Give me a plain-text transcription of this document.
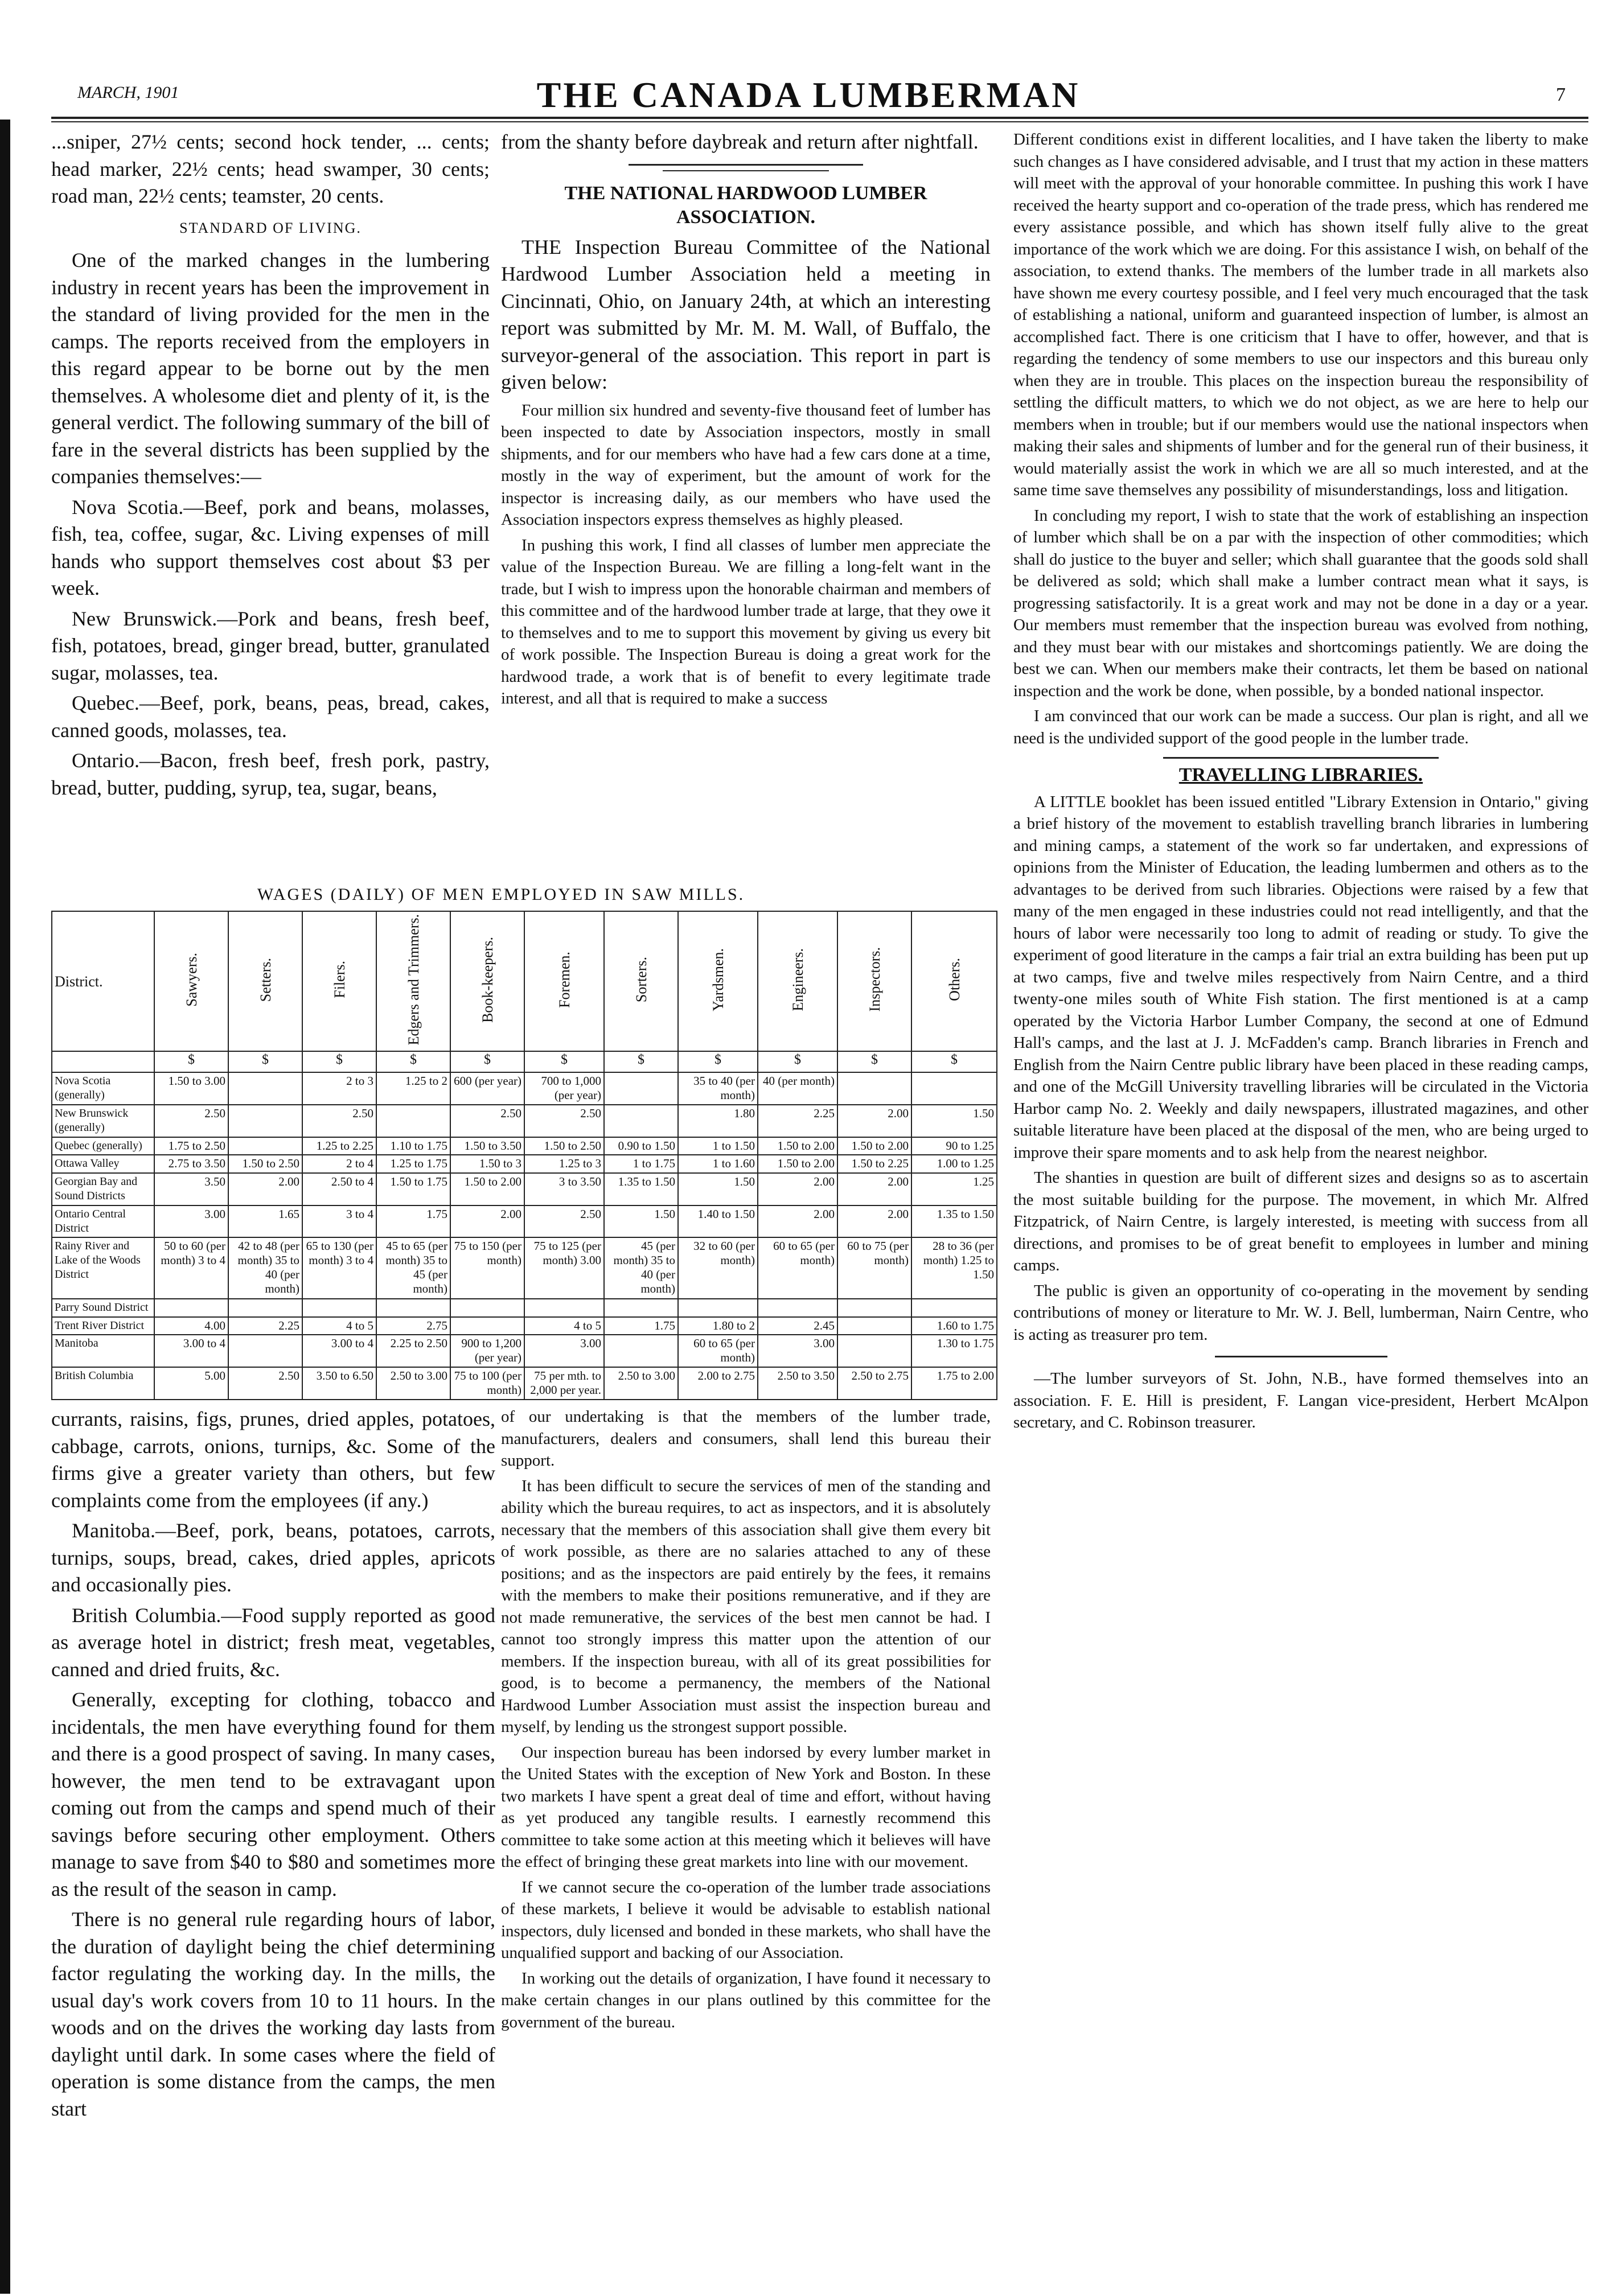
MARCH, 1901	THE CANADA LUMBERMAN	7

...sniper, 27½ cents; second hock tender, ... cents; head marker, 22½ cents; head swamper, 30 cents; road man, 22½ cents; teamster, 20 cents.

STANDARD OF LIVING.

One of the marked changes in the lumbering industry in recent years has been the improvement in the standard of living provided for the men in the camps. The reports received from the employers in this regard appear to be borne out by the men themselves. A wholesome diet and plenty of it, is the general verdict. The following summary of the bill of fare in the several districts has been supplied by the companies themselves:—

Nova Scotia.—Beef, pork and beans, molasses, fish, tea, coffee, sugar, &c. Living expenses of mill hands who support themselves cost about $3 per week.

New Brunswick.—Pork and beans, fresh beef, fish, potatoes, bread, ginger bread, butter, granulated sugar, molasses, tea.

Quebec.—Beef, pork, beans, peas, bread, cakes, canned goods, molasses, tea.

Ontario.—Bacon, fresh beef, fresh pork, pastry, bread, butter, pudding, syrup, tea, sugar, beans,

from the shanty before daybreak and return after nightfall.

THE NATIONAL HARDWOOD LUMBER ASSOCIATION.

THE Inspection Bureau Committee of the National Hardwood Lumber Association held a meeting in Cincinnati, Ohio, on January 24th, at which an interesting report was submitted by Mr. M. M. Wall, of Buffalo, the surveyor-general of the association. This report in part is given below:

Four million six hundred and seventy-five thousand feet of lumber has been inspected to date by Association inspectors, mostly in small shipments, and for our members who have had a few cars done at a time, mostly in the way of experiment, but the amount of work for the inspector is increasing daily, as our members who have used the Association inspectors express themselves as highly pleased.

In pushing this work, I find all classes of lumber men appreciate the value of the Inspection Bureau. We are filling a long-felt want in the trade, but I wish to impress upon the honorable chairman and members of this committee and of the hardwood lumber trade at large, that they owe it to themselves and to me to support this movement by giving us every bit of work possible. The Inspection Bureau is doing a great work for the hardwood trade, a work that is of benefit to every legitimate trade interest, and all that is required to make a success

Different conditions exist in different localities, and I have taken the liberty to make such changes as I have considered advisable, and I trust that my action in these matters will meet with the approval of your honorable committee. In pushing this work I have received the hearty support and co-operation of the trade press, which has rendered me every assistance possible, and which has shown itself fully alive to the great importance of the work which we are doing. For this assistance I wish, on behalf of the association, to extend thanks. The members of the lumber trade in all markets also have shown me every courtesy possible, and I feel very much encouraged that the task of establishing a national, uniform and guaranteed inspection of lumber, is almost an accomplished fact. There is one criticism that I have to offer, however, and that is regarding the tendency of some members to use our inspectors and this bureau only when they are in trouble. This places on the inspection bureau the responsibility of settling the difficult matters, to which we do not object, as we are here to help our members when in trouble; but if our members would use the national inspectors when making their sales and shipments of lumber and for the general run of their business, it would materially assist the work in which we are all so much interested, and at the same time save themselves any possibility of misunderstandings, loss and litigation.

In concluding my report, I wish to state that the work of establishing an inspection of lumber which shall be on a par with the inspection of other commodities; which shall do justice to the buyer and seller; which shall guarantee that the goods sold shall be delivered as sold; which shall make a lumber contract mean what it says, is progressing satisfactorily. It is a great work and may not be done in a day or a year. Our members must remember that the inspection bureau was evolved from nothing, and they must bear with our mistakes and shortcomings patiently. We are doing the best we can. When our members make their contracts, let them be based on national inspection and the work be done, when possible, by a bonded national inspector.

I am convinced that our work can be made a success. Our plan is right, and all we need is the undivided support of the good people in the lumber trade.

TRAVELLING LIBRARIES.

A LITTLE booklet has been issued entitled "Library Extension in Ontario," giving a brief history of the movement to establish travelling branch libraries in lumbering and mining camps, a statement of the work so far undertaken, and expressions of opinions from the Minister of Education, the leading lumbermen and others as to the advantages to be derived from such libraries. Objections were raised by a few that many of the men engaged in these industries could not read intelligently, and that the hours of labor were necessarily too long to admit of reading or study. To give the experiment of good literature in the camps a fair trial an extra building has been put up at two camps, five and twelve miles respectively from Nairn Centre, and a third twenty-one miles south of White Fish station. The first mentioned is at a camp operated by the Victoria Harbor Lumber Company, the second at one of Edmund Hall's camps, and the last at J. J. McFadden's camp. Branch libraries in French and English from the Nairn Centre public library have been placed in these reading camps, and one of the McGill University travelling libraries will be circulated in the Victoria Harbor camp No. 2. Weekly and daily newspapers, illustrated magazines, and other suitable literature have been placed at the disposal of the men, who are being urged to improve their spare moments and to ask help from the nearest neighbor.

The shanties in question are built of different sizes and designs so as to ascertain the most suitable building for the purpose. The movement, in which Mr. Alfred Fitzpatrick, of Nairn Centre, is largely interested, is meeting with success from all directions, and promises to be of great benefit to employees in lumber and mining camps.

The public is given an opportunity of co-operating in the movement by sending contributions of money or literature to Mr. W. J. Bell, lumberman, Nairn Centre, who is acting as treasurer pro tem.

—The lumber surveyors of St. John, N.B., have formed themselves into an association. F. E. Hill is president, F. Langan vice-president, Herbert McAlpon secretary, and C. Robinson treasurer.

WAGES (DAILY) OF MEN EMPLOYED IN SAW MILLS.
District.	Sawyers.	Setters.	Filers.	Edgers and Trimmers.	Book-keepers.	Foremen.	Sorters.	Yardsmen.	Engineers.	Inspectors.	Others.
	$	$	$	$	$	$	$	$	$	$	$
Nova Scotia (generally)	1.50 to 3.00		2 to 3	1.25 to 2	600 (per year)	700 to 1,000 (per year)		35 to 40 (per month)	40 (per month)		
New Brunswick (generally)	2.50		2.50		2.50	2.50		1.80	2.25	2.00	1.50
Quebec (generally)	1.75 to 2.50		1.25 to 2.25	1.10 to 1.75	1.50 to 3.50	1.50 to 2.50	0.90 to 1.50	1 to 1.50	1.50 to 2.00	1.50 to 2.00	90 to 1.25
Ottawa Valley	2.75 to 3.50	1.50 to 2.50	2 to 4	1.25 to 1.75	1.50 to 3	1.25 to 3	1 to 1.75	1 to 1.60	1.50 to 2.00	1.50 to 2.25	1.00 to 1.25
Georgian Bay and Sound Districts	3.50	2.00	2.50 to 4	1.50 to 1.75	1.50 to 2.00	3 to 3.50	1.35 to 1.50	1.50	2.00	2.00	1.25
Ontario Central District	3.00	1.65	3 to 4	1.75	2.00	2.50	1.50	1.40 to 1.50	2.00	2.00	1.35 to 1.50
Rainy River and Lake of the Woods District	50 to 60 (per month) 3 to 4	42 to 48 (per month) 35 to 40 (per month)	65 to 130 (per month) 3 to 4	45 to 65 (per month) 35 to 45 (per month)	75 to 150 (per month)	75 to 125 (per month) 3.00	45 (per month) 35 to 40 (per month)	32 to 60 (per month)	60 to 65 (per month)	60 to 75 (per month)	28 to 36 (per month) 1.25 to 1.50
Parry Sound District											
Trent River District	4.00	2.25	4 to 5	2.75		4 to 5	1.75	1.80 to 2	2.45		1.60 to 1.75
Manitoba	3.00 to 4		3.00 to 4	2.25 to 2.50	900 to 1,200 (per year)	3.00		60 to 65 (per month)	3.00		1.30 to 1.75
British Columbia	5.00	2.50	3.50 to 6.50	2.50 to 3.00	75 to 100 (per month)	75 per mth. to 2,000 per year.	2.50 to 3.00	2.00 to 2.75	2.50 to 3.50	2.50 to 2.75	1.75 to 2.00

currants, raisins, figs, prunes, dried apples, potatoes, cabbage, carrots, onions, turnips, &c. Some of the firms give a greater variety than others, but few complaints come from the employees (if any.)

Manitoba.—Beef, pork, beans, potatoes, carrots, turnips, soups, bread, cakes, dried apples, apricots and occasionally pies.

British Columbia.—Food supply reported as good as average hotel in district; fresh meat, vegetables, canned and dried fruits, &c.

Generally, excepting for clothing, tobacco and incidentals, the men have everything found for them and there is a good prospect of saving. In many cases, however, the men tend to be extravagant upon coming out from the camps and spend much of their savings before securing other employment. Others manage to save from $40 to $80 and sometimes more as the result of the season in camp.

There is no general rule regarding hours of labor, the duration of daylight being the chief determining factor regulating the working day. In the mills, the usual day's work covers from 10 to 11 hours. In the woods and on the drives the working day lasts from daylight until dark. In some cases where the field of operation is some distance from the camps, the men start

of our undertaking is that the members of the lumber trade, manufacturers, dealers and consumers, shall lend this bureau their support.

It has been difficult to secure the services of men of the standing and ability which the bureau requires, to act as inspectors, and it is absolutely necessary that the members of this association shall give them every bit of work possible, as there are no salaries attached to any of these positions; and as the inspectors are paid entirely by the fees, it remains with the members to make their positions remunerative, and if they are not made remunerative, the services of the best men cannot be had. I cannot too strongly impress this matter upon the attention of our members. If the inspection bureau, with all of its great possibilities for good, is to become a permanency, the members of the National Hardwood Lumber Association must assist the inspection bureau and myself, by lending us the strongest support possible.

Our inspection bureau has been indorsed by every lumber market in the United States with the exception of New York and Boston. In these two markets I have spent a great deal of time and effort, without having as yet produced any tangible results. I earnestly recommend this committee to take some action at this meeting which it believes will have the effect of bringing these great markets into line with our movement.

If we cannot secure the co-operation of the lumber trade associations of these markets, I believe it would be advisable to establish national inspectors, duly licensed and bonded in these markets, who shall have the unqualified support and backing of our Association.

In working out the details of organization, I have found it necessary to make certain changes in our plans outlined by this committee for the government of the bureau.
